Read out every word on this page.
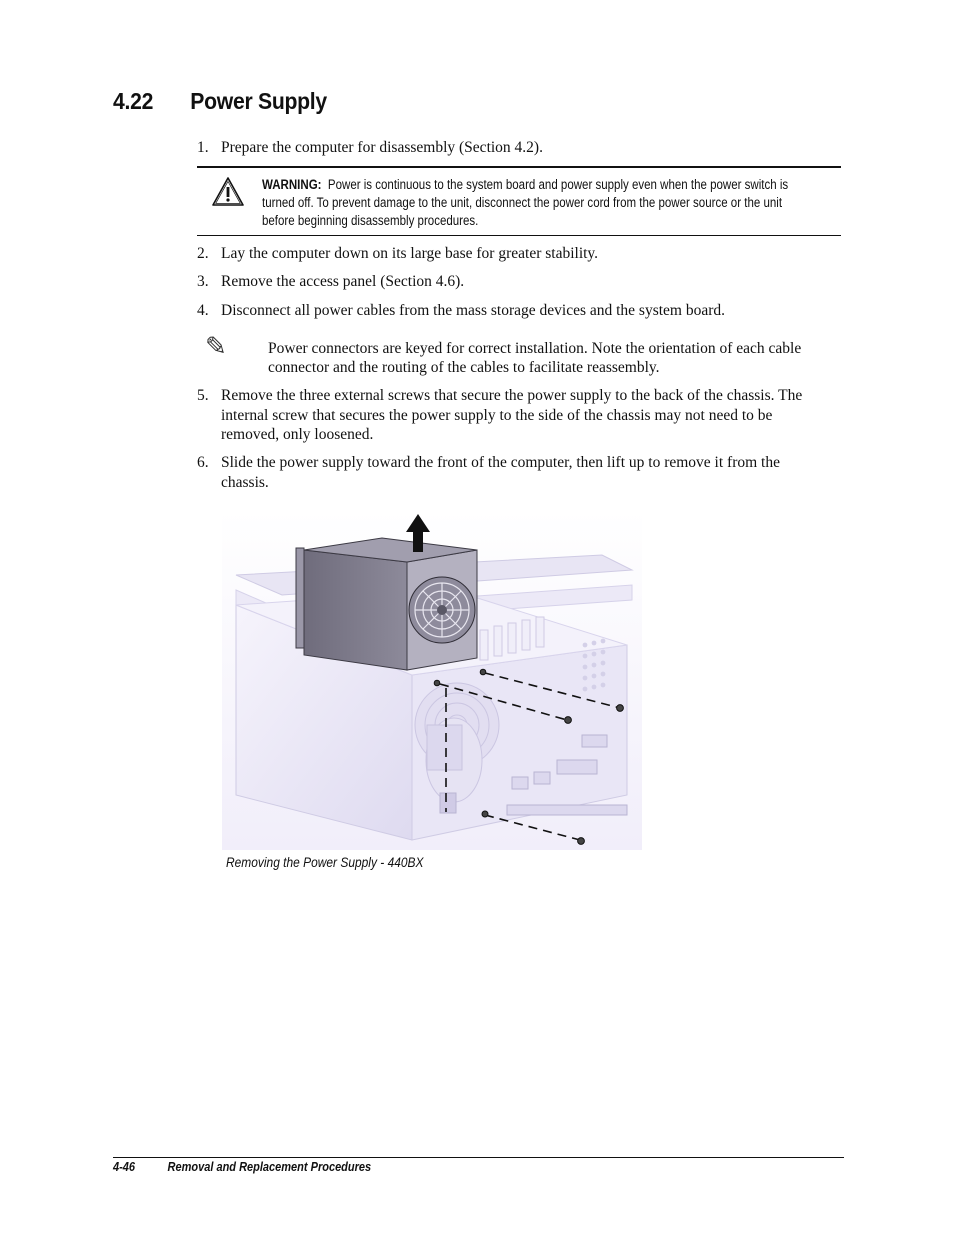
4.22 Power Supply
1. Prepare the computer for disassembly (Section 4.2).
WARNING: Power is continuous to the system board and power supply even when the power switch is turned off. To prevent damage to the unit, disconnect the power cord from the power source or the unit before beginning disassembly procedures.
2. Lay the computer down on its large base for greater stability.
3. Remove the access panel (Section 4.6).
4. Disconnect all power cables from the mass storage devices and the system board.
✎	Power connectors are keyed for correct installation. Note the orientation of each cable connector and the routing of the cables to facilitate reassembly.
5. Remove the three external screws that secure the power supply to the back of the chassis. The internal screw that secures the power supply to the side of the chassis may not need to be removed, only loosened.
6. Slide the power supply toward the front of the computer, then lift up to remove it from the chassis.
Removing the Power Supply - 440BX
4-46	Removal and Replacement Procedures
